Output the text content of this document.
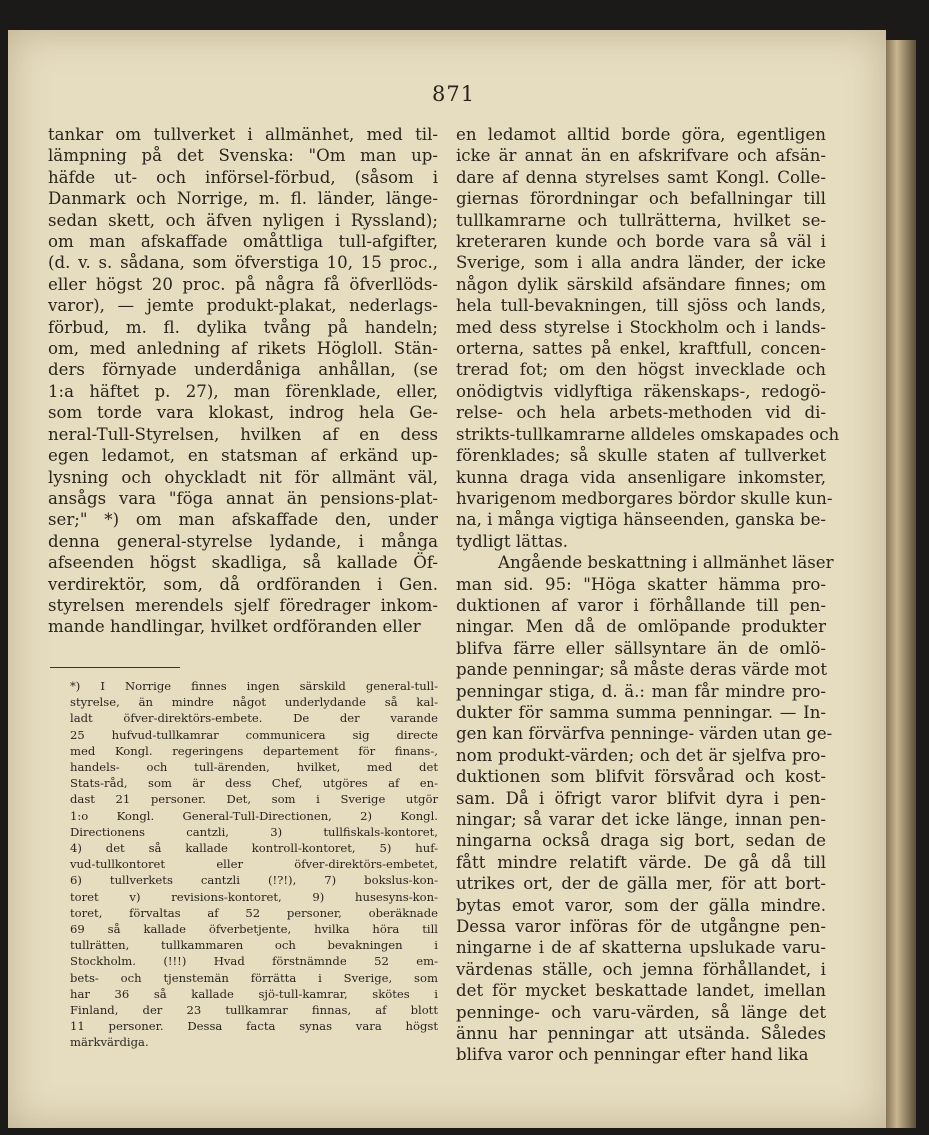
871
tankar om tullverket i allmänhet, med til-
lämpning på det Svenska: "Om man up-
häfde ut- och införsel-förbud, (såsom i
Danmark och Norrige, m. fl. länder, länge-
sedan skett, och äfven nyligen i Ryssland);
om man afskaffade omåttliga tull-afgifter,
(d. v. s. sådana, som öfverstiga 10, 15 proc.,
eller högst 20 proc. på några få öfverllöds-
varor), — jemte produkt-plakat, nederlags-
förbud, m. fl. dylika tvång på handeln;
om, med anledning af rikets Högloll. Stän-
ders förnyade underdåniga anhållan, (se
1:a häftet p. 27), man förenklade, eller,
som torde vara klokast, indrog hela Ge-
neral-Tull-Styrelsen, hvilken af en dess
egen ledamot, en statsman af erkänd up-
lysning och ohyckladt nit för allmänt väl,
ansågs vara "föga annat än pensions-plat-
ser;" *) om man afskaffade den, under
denna general-styrelse lydande, i många
afseenden högst skadliga, så kallade Öf-
verdirektör, som, då ordföranden i Gen.
styrelsen merendels sjelf föredrager inkom-
mande handlingar, hvilket ordföranden eller
*) I Norrige finnes ingen särskild general-tull-
styrelse, än mindre något underlydande så kal-
ladt öfver-direktörs-embete. De der varande
25 hufvud-tullkamrar communicera sig directe
med Kongl. regeringens departement för finans-,
handels- och tull-ärenden, hvilket, med det
Stats-råd, som är dess Chef, utgöres af en-
dast 21 personer. Det, som i Sverige utgör
1:o Kongl. General-Tull-Directionen, 2) Kongl.
Directionens cantzli, 3) tullfiskals-kontoret,
4) det så kallade kontroll-kontoret, 5) huf-
vud-tullkontoret eller öfver-direktörs-embetet,
6) tullverkets cantzli (!?!), 7) bokslus-kon-
toret v) revisions-kontoret, 9) husesyns-kon-
toret, förvaltas af 52 personer, oberäknade
69 så kallade öfverbetjente, hvilka höra till
tullrätten, tullkammaren och bevakningen i
Stockholm. (!!!) Hvad förstnämnde 52 em-
bets- och tjenstemän förrätta i Sverige, som
har 36 så kallade sjö-tull-kamrar, skötes i
Finland, der 23 tullkamrar finnas, af blott
11 personer. Dessa facta synas vara högst
märkvärdiga.
en ledamot alltid borde göra, egentligen
icke är annat än en afskrifvare och afsän-
dare af denna styrelses samt Kongl. Colle-
giernas förordningar och befallningar till
tullkamrarne och tullrätterna, hvilket se-
kreteraren kunde och borde vara så väl i
Sverige, som i alla andra länder, der icke
någon dylik särskild afsändare finnes; om
hela tull-bevakningen, till sjöss och lands,
med dess styrelse i Stockholm och i lands-
orterna, sattes på enkel, kraftfull, concen-
trerad fot; om den högst invecklade och
onödigtvis vidlyftiga räkenskaps-, redogö-
relse- och hela arbets-methoden vid di-
strikts-tullkamrarne alldeles omskapades och
förenklades; så skulle staten af tullverket
kunna draga vida ansenligare inkomster,
hvarigenom medborgares bördor skulle kun-
na, i många vigtiga hänseenden, ganska be-
tydligt lättas.
Angående beskattning i allmänhet läser
man sid. 95: "Höga skatter hämma pro-
duktionen af varor i förhållande till pen-
ningar. Men då de omlöpande produkter
blifva färre eller sällsyntare än de omlö-
pande penningar; så måste deras värde mot
penningar stiga, d. ä.: man får mindre pro-
dukter för samma summa penningar. — In-
gen kan förvärfva penninge- värden utan ge-
nom produkt-värden; och det är sjelfva pro-
duktionen som blifvit försvårad och kost-
sam. Då i öfrigt varor blifvit dyra i pen-
ningar; så varar det icke länge, innan pen-
ningarna också draga sig bort, sedan de
fått mindre relatift värde. De gå då till
utrikes ort, der de gälla mer, för att bort-
bytas emot varor, som der gälla mindre.
Dessa varor införas för de utgångne pen-
ningarne i de af skatterna upslukade varu-
värdenas ställe, och jemna förhållandet, i
det för mycket beskattade landet, imellan
penninge- och varu-värden, så länge det
ännu har penningar att utsända. Således
blifva varor och penningar efter hand lika
